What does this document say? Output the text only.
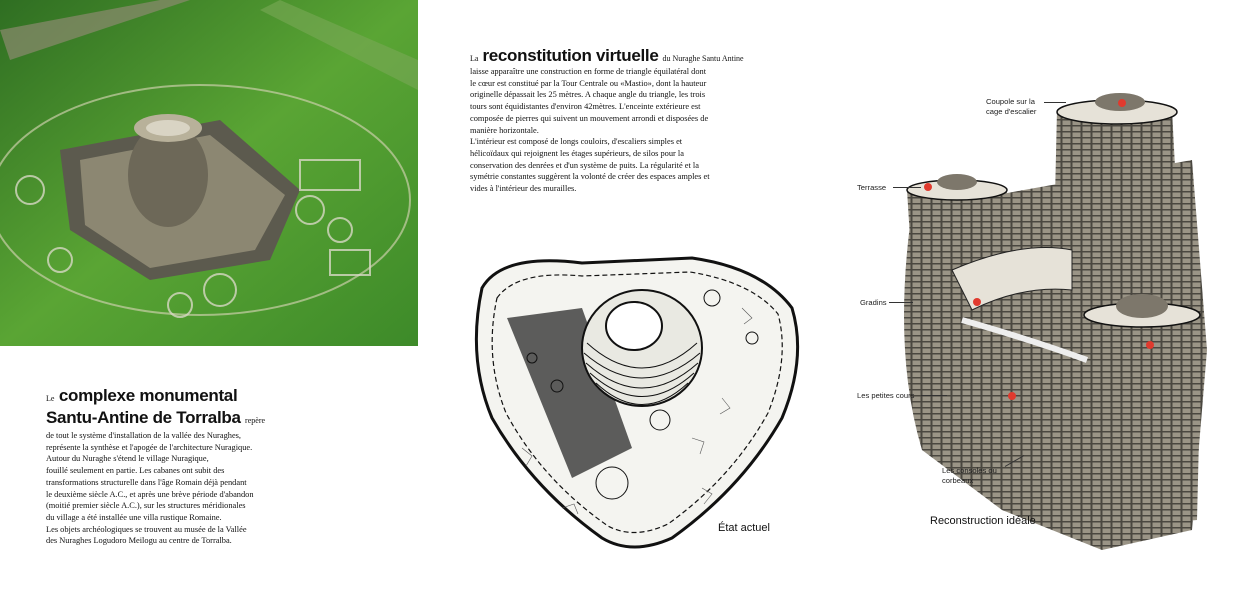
Le complexe monumental
Santu-Antine de Torralba repère

de tout le système d'installation de la vallée des Nuraghes,

représente la synthèse et l'apogée de l'architecture Nuragique.

Autour du Nuraghe s'étend le village Nuragique,

fouillé seulement en partie. Les cabanes ont subit des

transformations structurelle dans l'âge Romain déjà pendant

le deuxième siècle A.C., et après une brève période d'abandon

(moitié premier siècle A.C.), sur les structures méridionales

du village a été installée une villa rustique Romaine.

Les objets archéologiques se trouvent au musée de la Vallée

des Nuraghes Logudoro Meilogu au centre de Torralba.

La reconstitution virtuelle du Nuraghe Santu Antine

laisse apparaître une construction en forme de triangle équilatéral dont

le cœur est constitué par la Tour Centrale ou «Mastio», dont la hauteur

originelle dépassait les 25 mètres. A chaque angle du triangle, les trois

tours sont équidistantes d'environ 42mètres. L'enceinte extérieure est

composée de pierres qui suivent un mouvement arrondi et disposées de

manière horizontale.

L'intérieur est composé de longs couloirs, d'escaliers simples et

hélicoïdaux qui rejoignent les étages supérieurs, de silos pour la

conservation des denrées et d'un système de puits. La régularité et la

symétrie constantes suggèrent la volonté de créer des espaces amples et

vides à l'intérieur des murailles.

État actuel
Coupole sur la
cage d'escalier
Terrasse
Gradins
Les petites cours
Les consoles ou
corbeaux
Reconstruction idéale
